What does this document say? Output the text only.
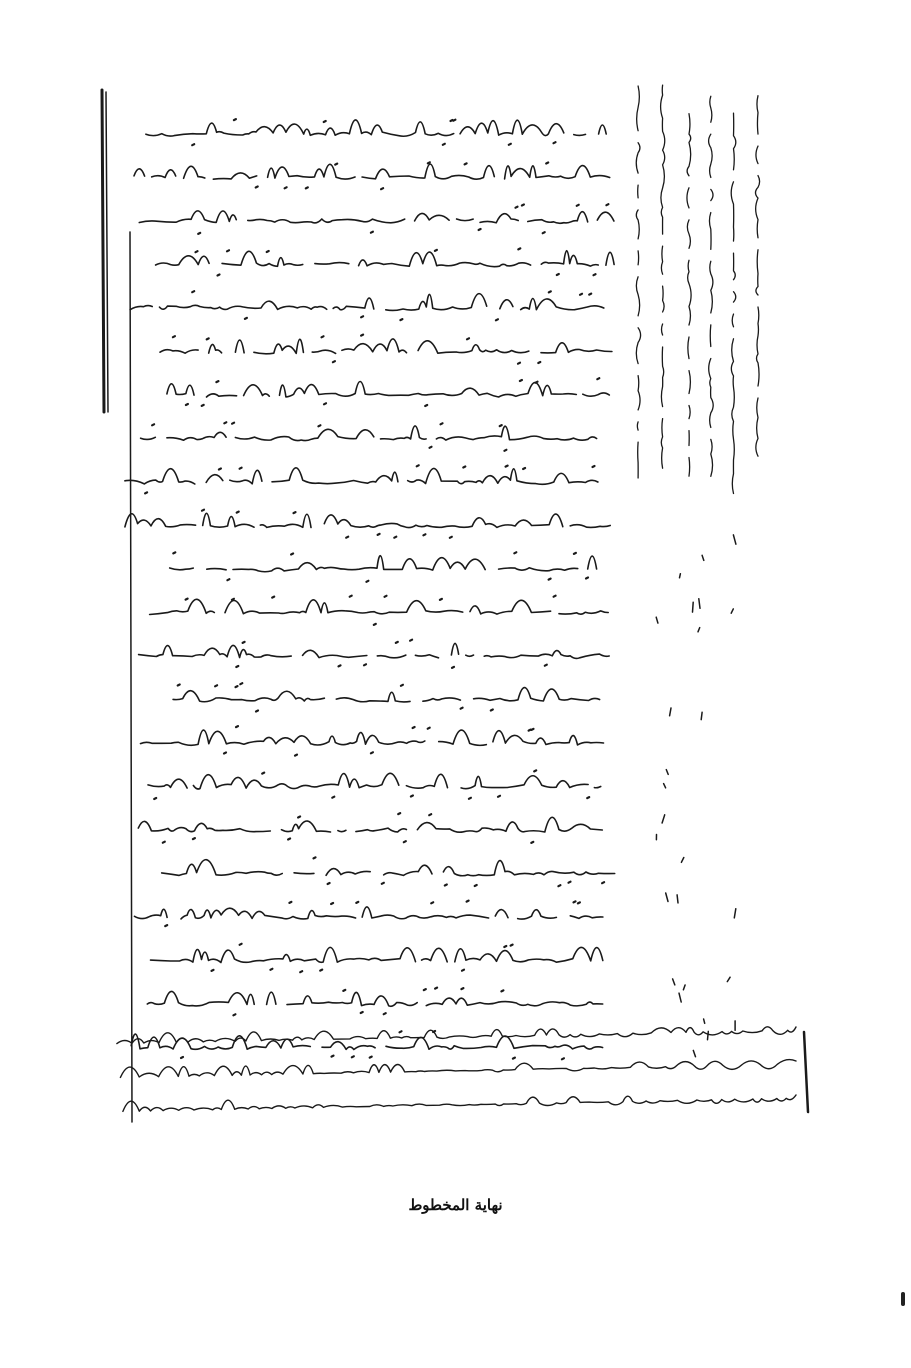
نهاية المخطوط
